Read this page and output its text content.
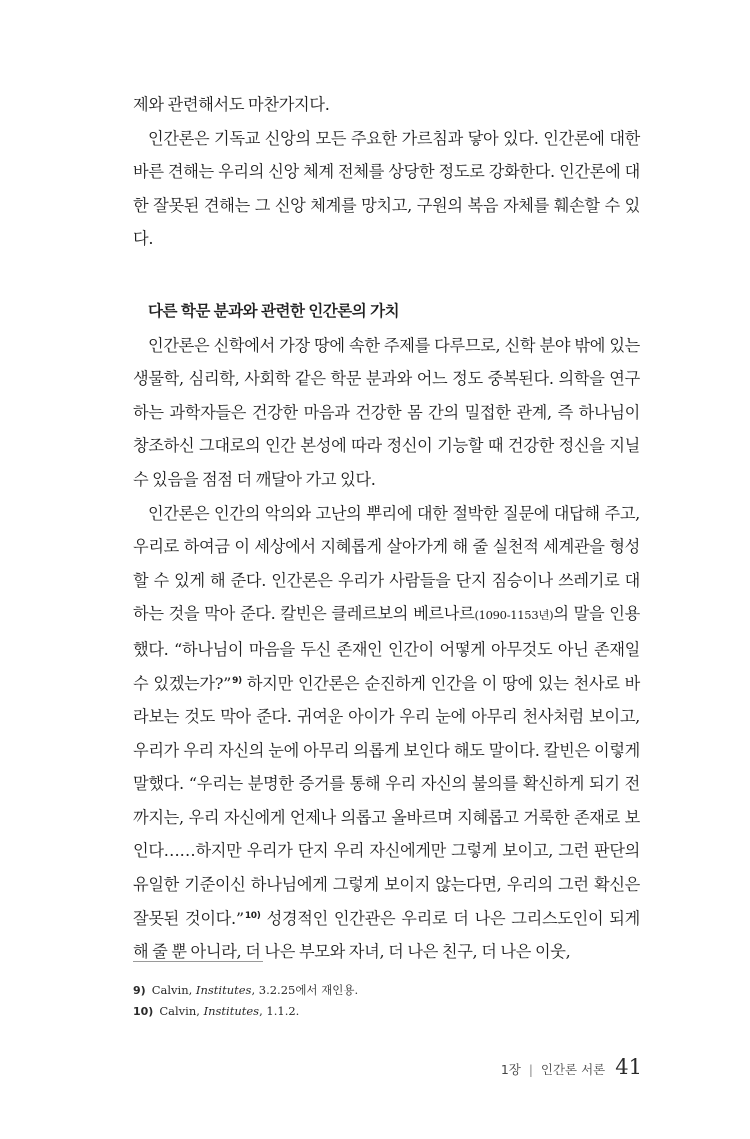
제와 관련해서도 마찬가지다.

인간론은 기독교 신앙의 모든 주요한 가르침과 닿아 있다. 인간론에 대한 바른 견해는 우리의 신앙 체계 전체를 상당한 정도로 강화한다. 인간론에 대한 잘못된 견해는 그 신앙 체계를 망치고, 구원의 복음 자체를 훼손할 수 있다.

다른 학문 분과와 관련한 인간론의 가치

인간론은 신학에서 가장 땅에 속한 주제를 다루므로, 신학 분야 밖에 있는 생물학, 심리학, 사회학 같은 학문 분과와 어느 정도 중복된다. 의학을 연구하는 과학자들은 건강한 마음과 건강한 몸 간의 밀접한 관계, 즉 하나님이 창조하신 그대로의 인간 본성에 따라 정신이 기능할 때 건강한 정신을 지닐 수 있음을 점점 더 깨달아 가고 있다.

인간론은 인간의 악의와 고난의 뿌리에 대한 절박한 질문에 대답해 주고, 우리로 하여금 이 세상에서 지혜롭게 살아가게 해 줄 실천적 세계관을 형성할 수 있게 해 준다. 인간론은 우리가 사람들을 단지 짐승이나 쓰레기로 대하는 것을 막아 준다. 칼빈은 클레르보의 베르나르(1090-1153년)의 말을 인용했다. “하나님이 마음을 두신 존재인 인간이 어떻게 아무것도 아닌 존재일 수 있겠는가?”$^{9)}$ 하지만 인간론은 순진하게 인간을 이 땅에 있는 천사로 바라보는 것도 막아 준다. 귀여운 아이가 우리 눈에 아무리 천사처럼 보이고, 우리가 우리 자신의 눈에 아무리 의롭게 보인다 해도 말이다. 칼빈은 이렇게 말했다. “우리는 분명한 증거를 통해 우리 자신의 불의를 확신하게 되기 전까지는, 우리 자신에게 언제나 의롭고 올바르며 지혜롭고 거룩한 존재로 보인다……하지만 우리가 단지 우리 자신에게만 그렇게 보이고, 그런 판단의 유일한 기준이신 하나님에게 그렇게 보이지 않는다면, 우리의 그런 확신은 잘못된 것이다.”$^{10)}$ 성경적인 인간관은 우리로 더 나은 그리스도인이 되게 해 줄 뿐 아니라, 더 나은 부모와 자녀, 더 나은 친구, 더 나은 이웃,

9) Calvin, Institutes, 3.2.25에서 재인용.
10) Calvin, Institutes, 1.1.2.
1장 | 인간론 서론 41
